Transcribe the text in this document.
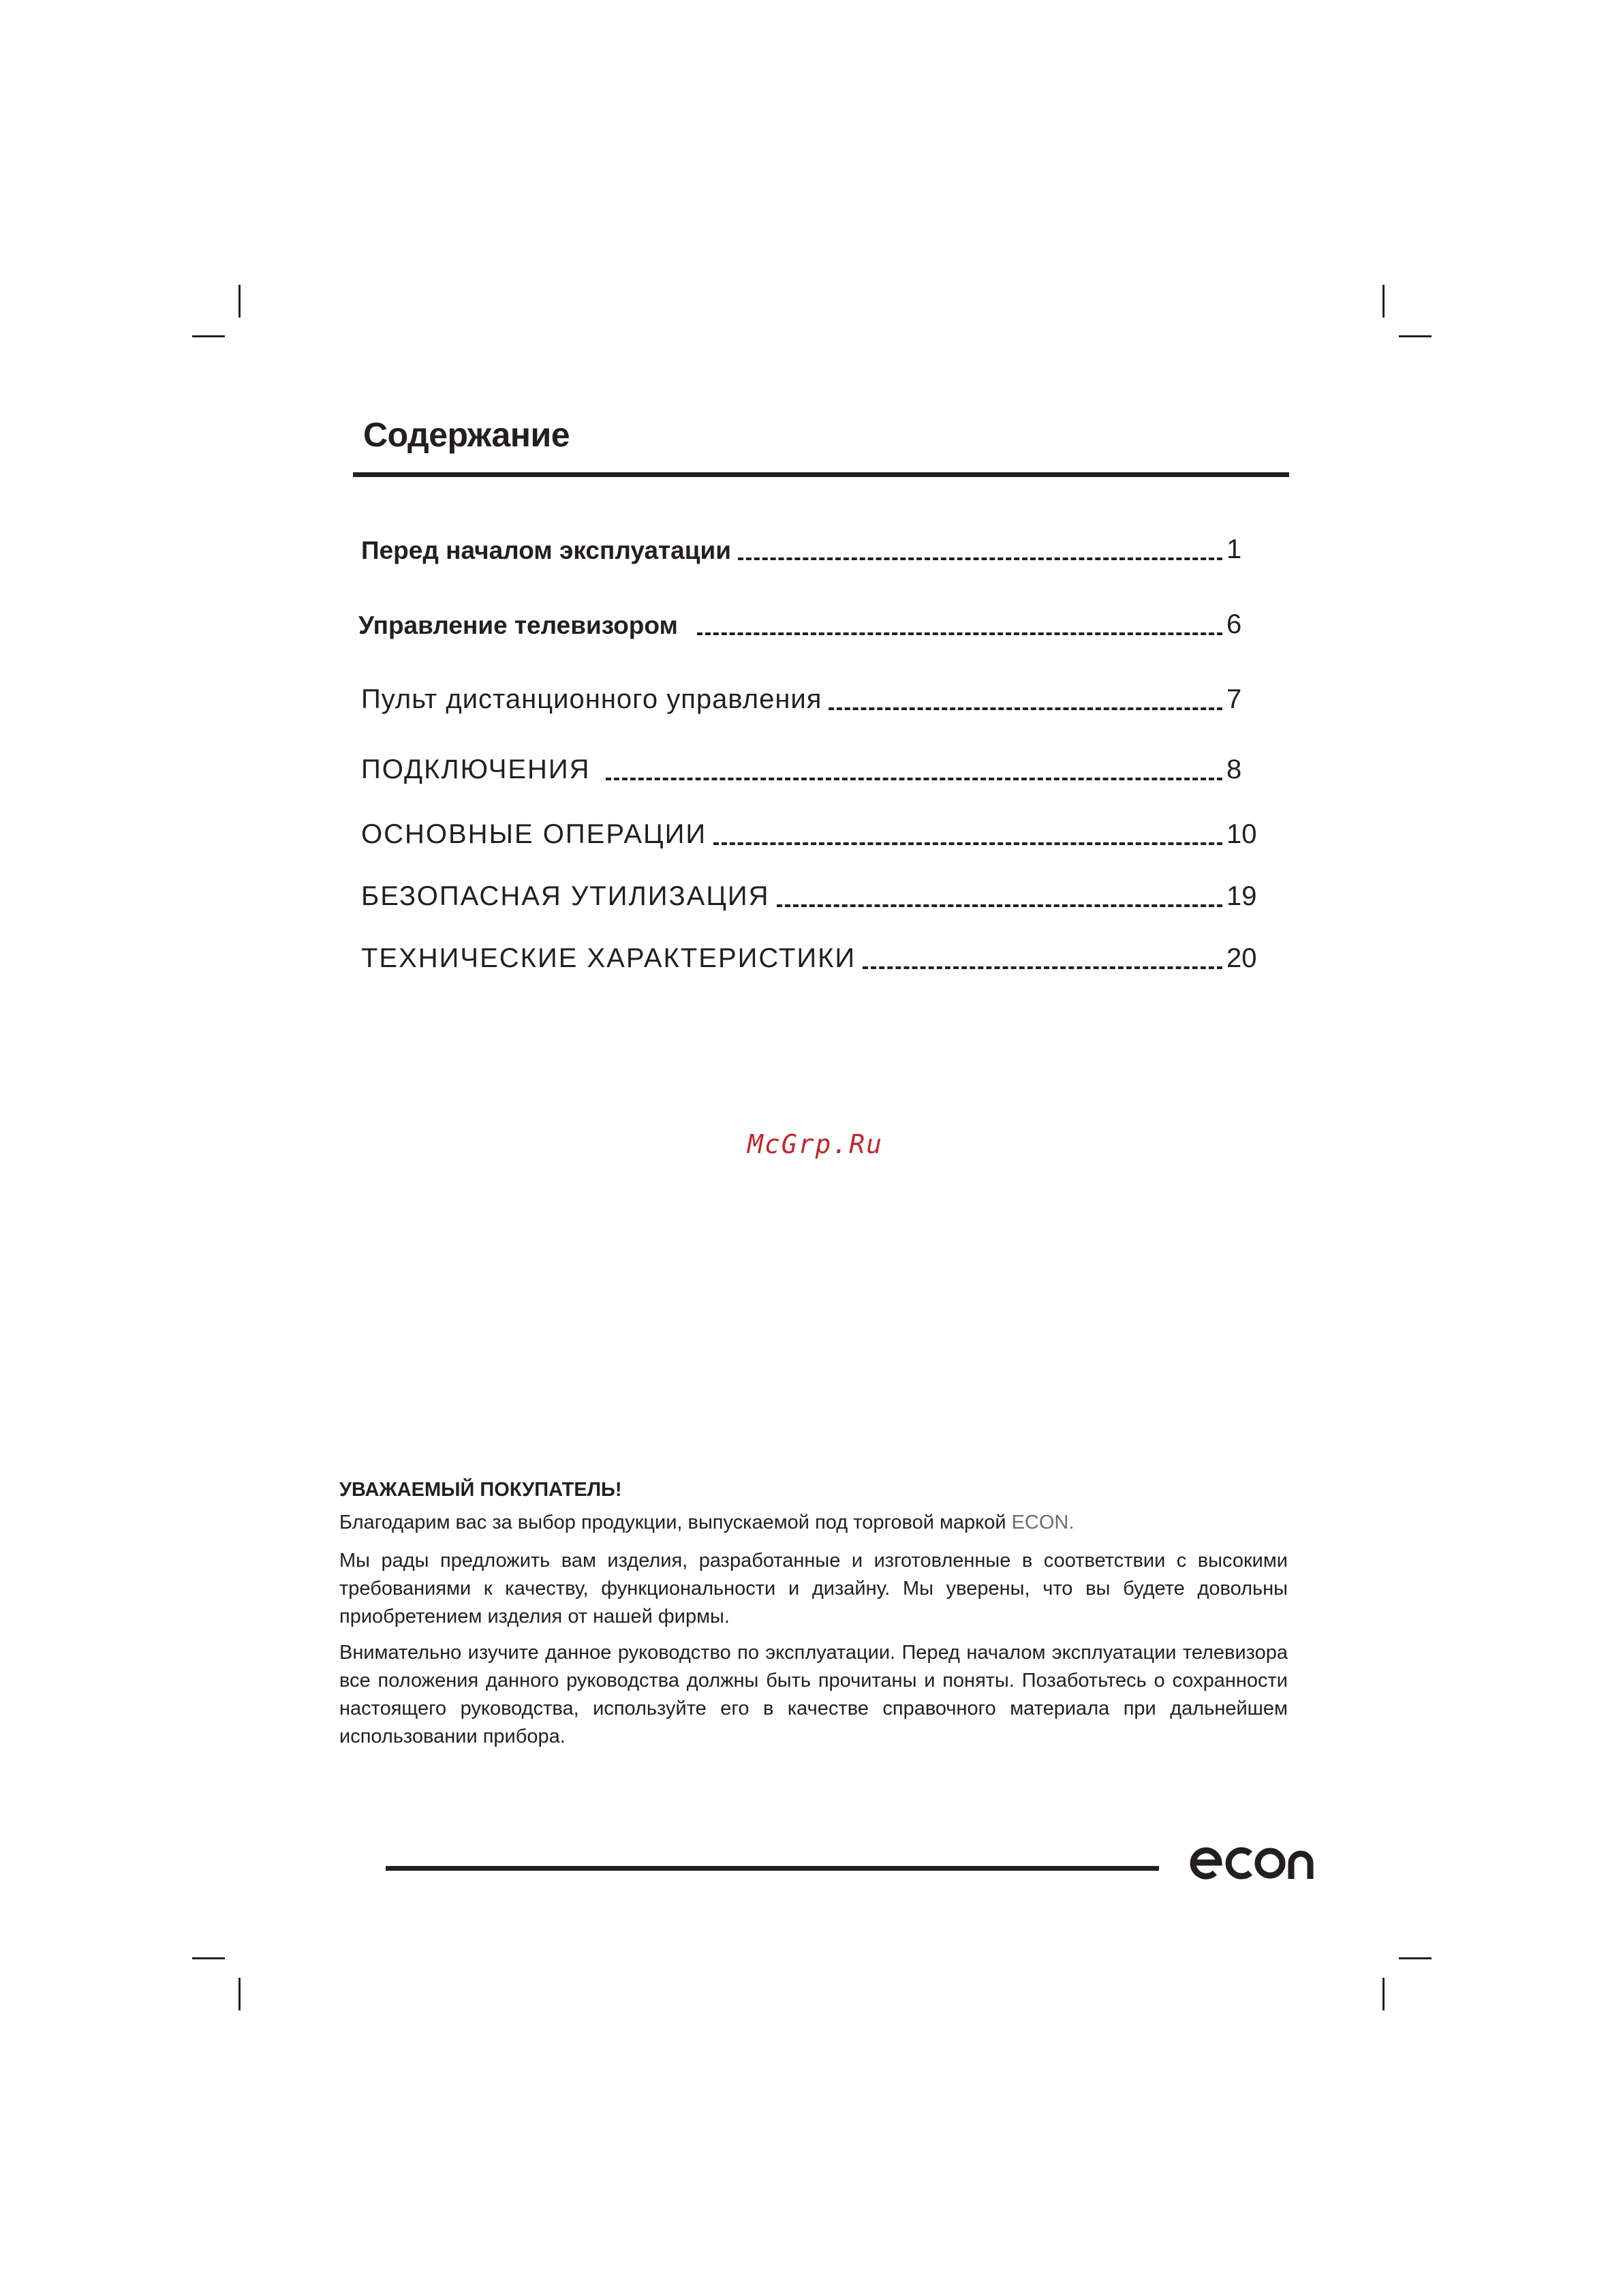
Содержание
Перед началом эксплуатации	1
Управление телевизором	6
Пульт дистанционного управления	7
ПОДКЛЮЧЕНИЯ	8
ОСНОВНЫЕ ОПЕРАЦИИ	10
БЕЗОПАСНАЯ УТИЛИЗАЦИЯ	19
ТЕХНИЧЕСКИЕ ХАРАКТЕРИСТИКИ	20
McGrp.Ru
УВАЖАЕМЫЙ ПОКУПАТЕЛЬ!
Благодарим вас за выбор продукции, выпускаемой под торговой маркой ECON.
Мы рады предложить вам изделия, разработанные и изготовленные в соответствии с высокими требованиями к качеству, функциональности и дизайну. Мы уверены, что вы будете довольны приобретением изделия от нашей фирмы.
Внимательно изучите данное руководство по эксплуатации. Перед началом эксплуатации телевизора все положения данного руководства должны быть прочитаны и поняты. Позаботьтесь о сохранности настоящего руководства, используйте его в качестве справочного материала при дальнейшем использовании прибора.
